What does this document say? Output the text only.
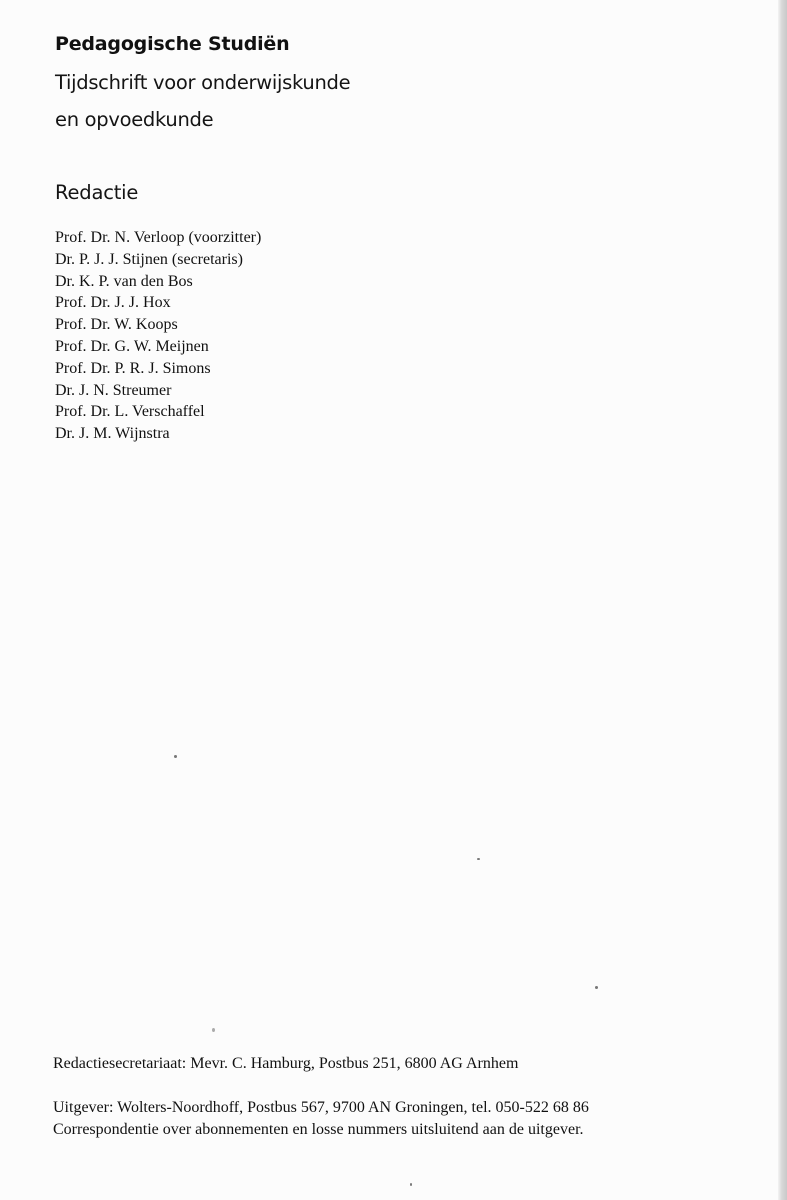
Pedagogische Studiën

Tijdschrift voor onderwijskunde

en opvoedkunde

Redactie
Prof. Dr. N. Verloop (voorzitter)
Dr. P. J. J. Stijnen (secretaris)
Dr. K. P. van den Bos
Prof. Dr. J. J. Hox
Prof. Dr. W. Koops
Prof. Dr. G. W. Meijnen
Prof. Dr. P. R. J. Simons
Dr. J. N. Streumer
Prof. Dr. L. Verschaffel
Dr. J. M. Wijnstra

Redactiesecretariaat: Mevr. C. Hamburg, Postbus 251, 6800 AG Arnhem

Uitgever: Wolters-Noordhoff, Postbus 567, 9700 AN Groningen, tel. 050-522 68 86

Correspondentie over abonnementen en losse nummers uitsluitend aan de uitgever.
